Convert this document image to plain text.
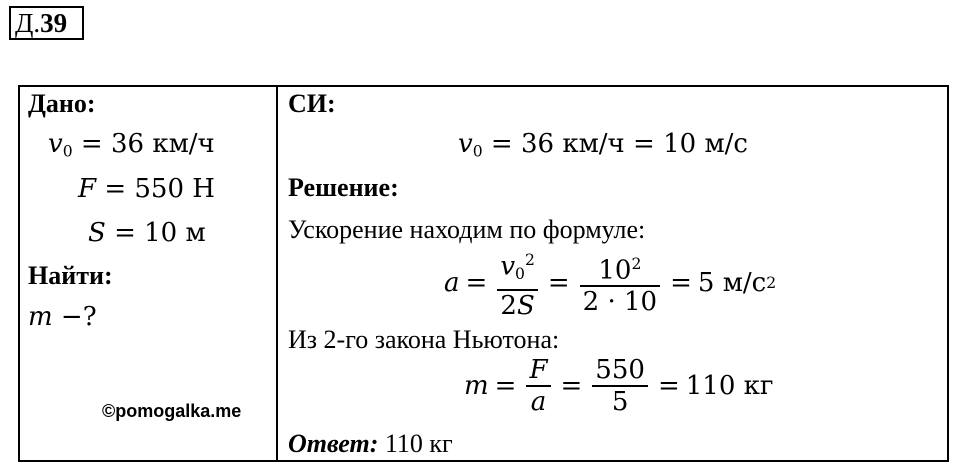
Д.39
Дано:
$v_0 = 36$ км/ч
F = 550 Н
S = 10 м
Найти:
m −?
©pomogalka.me
СИ:
$v_0 = 36$ км/ч = 10 м/с
Решение:
Ускорение находим по формуле:
$a = \frac{v_0^2}{2S} = \frac{10^2}{2 \cdot 10} = 5$
м/с 2
Из 2-го закона Ньютона:
$m = \frac{F}{a} = \frac{550}{5} = 110$
кг
Ответ: 110 кг
